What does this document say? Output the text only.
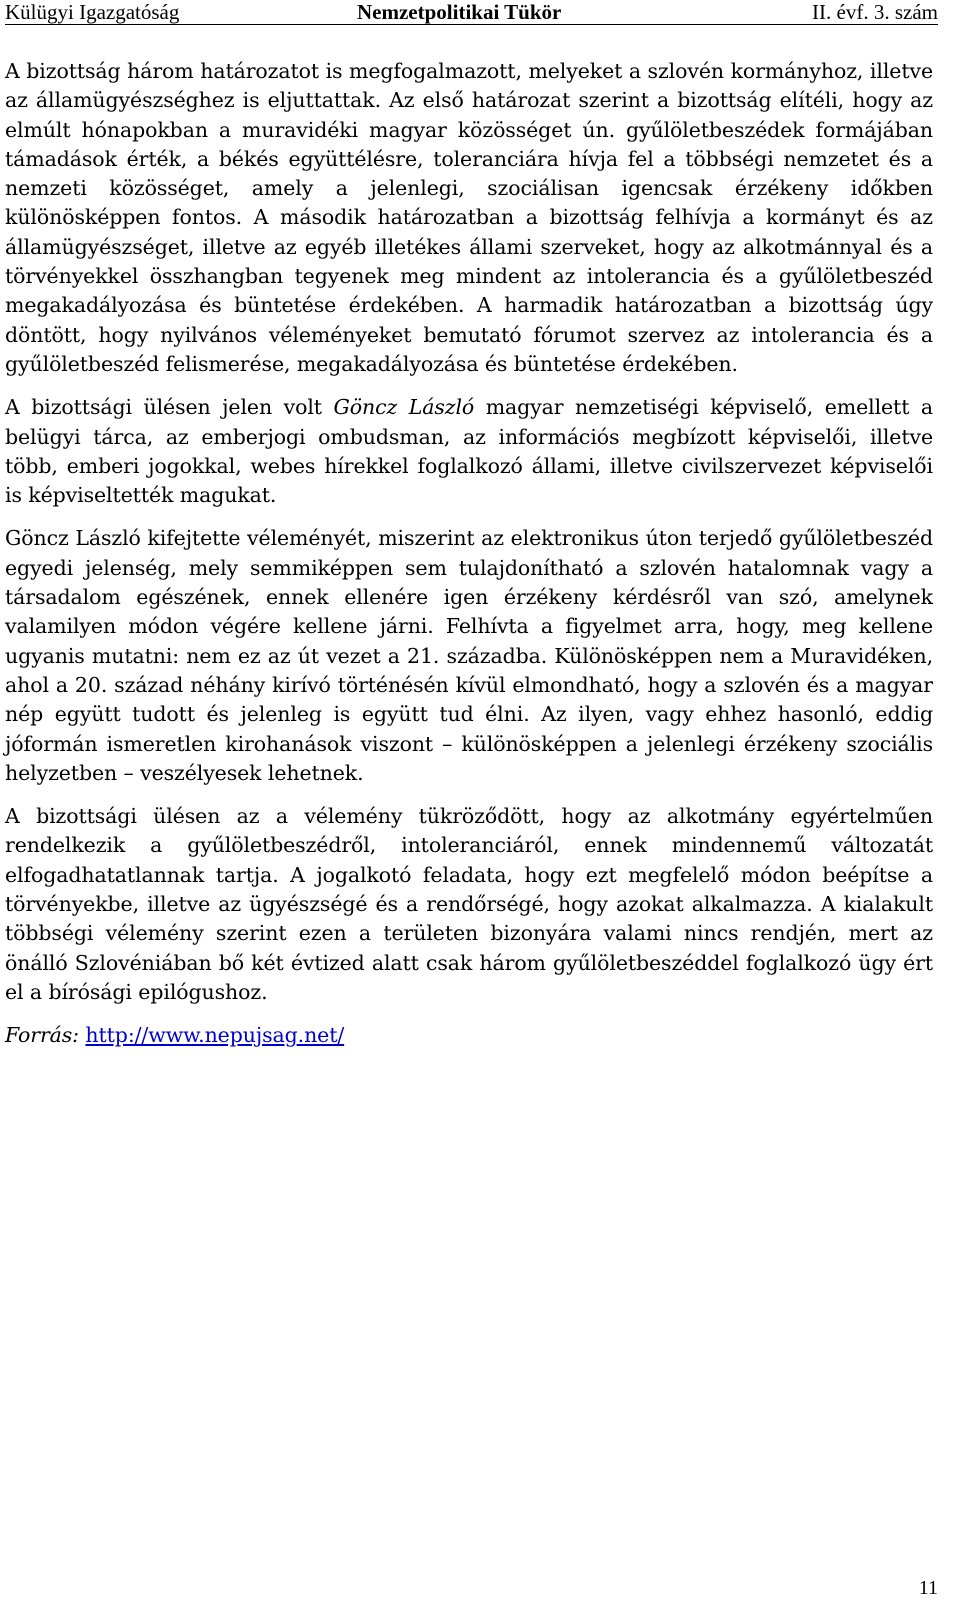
Külügyi Igazgatóság	Nemzetpolitikai Tükör	II. évf. 3. szám

A bizottság három határozatot is megfogalmazott, melyeket a szlovén kormányhoz, illetve az államügyészséghez is eljuttattak. Az első határozat szerint a bizottság elítéli, hogy az elmúlt hónapokban a muravidéki magyar közösséget ún. gyűlöletbeszédek formájában támadások érték, a békés együttélésre, toleranciára hívja fel a többségi nemzetet és a nemzeti közösséget, amely a jelenlegi, szociálisan igencsak érzékeny időkben különösképpen fontos. A második határozatban a bizottság felhívja a kormányt és az államügyészséget, illetve az egyéb illetékes állami szerveket, hogy az alkotmánnyal és a törvényekkel összhangban tegyenek meg mindent az intolerancia és a gyűlöletbeszéd megakadályozása és büntetése érdekében. A harmadik határozatban a bizottság úgy döntött, hogy nyilvános véleményeket bemutató fórumot szervez az intolerancia és a gyűlöletbeszéd felismerése, megakadályozása és büntetése érdekében.

A bizottsági ülésen jelen volt Göncz László magyar nemzetiségi képviselő, emellett a belügyi tárca, az emberjogi ombudsman, az információs megbízott képviselői, illetve több, emberi jogokkal, webes hírekkel foglalkozó állami, illetve civilszervezet képviselői is képviseltették magukat.

Göncz László kifejtette véleményét, miszerint az elektronikus úton terjedő gyűlöletbeszéd egyedi jelenség, mely semmiképpen sem tulajdonítható a szlovén hatalomnak vagy a társadalom egészének, ennek ellenére igen érzékeny kérdésről van szó, amelynek valamilyen módon végére kellene járni. Felhívta a figyelmet arra, hogy, meg kellene ugyanis mutatni: nem ez az út vezet a 21. századba. Különösképpen nem a Muravidéken, ahol a 20. század néhány kirívó történésén kívül elmondható, hogy a szlovén és a magyar nép együtt tudott és jelenleg is együtt tud élni. Az ilyen, vagy ehhez hasonló, eddig jóformán ismeretlen kirohanások viszont – különösképpen a jelenlegi érzékeny szociális helyzetben – veszélyesek lehetnek.

A bizottsági ülésen az a vélemény tükröződött, hogy az alkotmány egyértelműen rendelkezik a gyűlöletbeszédről, intoleranciáról, ennek mindennemű változatát elfogadhatatlannak tartja. A jogalkotó feladata, hogy ezt megfelelő módon beépítse a törvényekbe, illetve az ügyészségé és a rendőrségé, hogy azokat alkalmazza. A kialakult többségi vélemény szerint ezen a területen bizonyára valami nincs rendjén, mert az önálló Szlovéniában bő két évtized alatt csak három gyűlöletbeszéddel foglalkozó ügy ért el a bírósági epilógushoz.

Forrás: http://www.nepujsag.net/

11
